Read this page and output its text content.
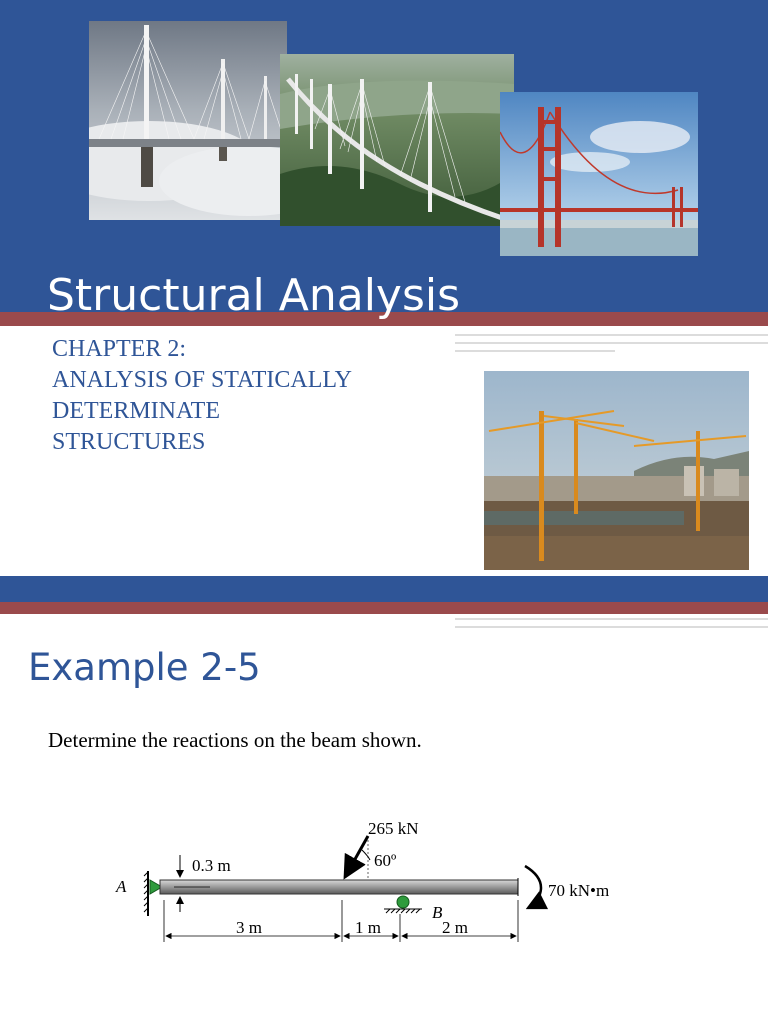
Structural Analysis
CHAPTER 2:
ANALYSIS OF STATICALLY
DETERMINATE
STRUCTURES
Example 2-5
Determine the reactions on the beam shown.
A
0.3 m
265 kN
60º
70 kN•m
B
3 m	1 m	2 m
